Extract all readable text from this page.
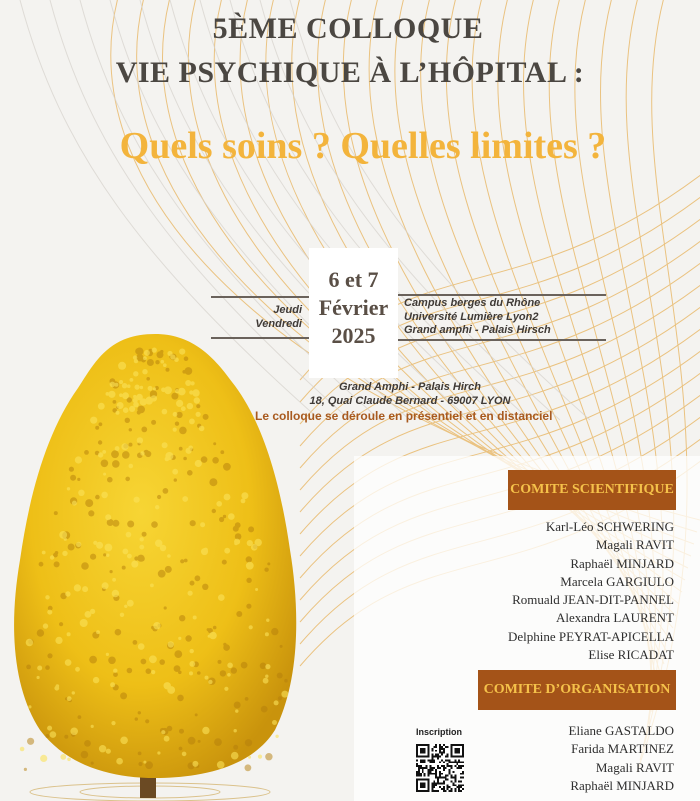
5ÈME COLLOQUE
VIE PSYCHIQUE À L’HÔPITAL :
Quels soins ? Quelles limites ?
Jeudi
Vendredi
6 et 7
Février
2025
Campus berges du Rhône
Université Lumière Lyon2
Grand amphi - Palais Hirsch
Grand Amphi - Palais Hirch
18, Quai Claude Bernard - 69007 LYON
Le colloque se déroule en présentiel et en distanciel
COMITE SCIENTIFIQUE
Karl-Léo SCHWERING
Magali RAVIT
Raphaël MINJARD
Marcela GARGIULO
Romuald JEAN-DIT-PANNEL
Alexandra LAURENT
Delphine PEYRAT-APICELLA
Elise RICADAT
COMITE D’ORGANISATION
Eliane GASTALDO
Farida MARTINEZ
Magali RAVIT
Raphaël MINJARD
Inscription
